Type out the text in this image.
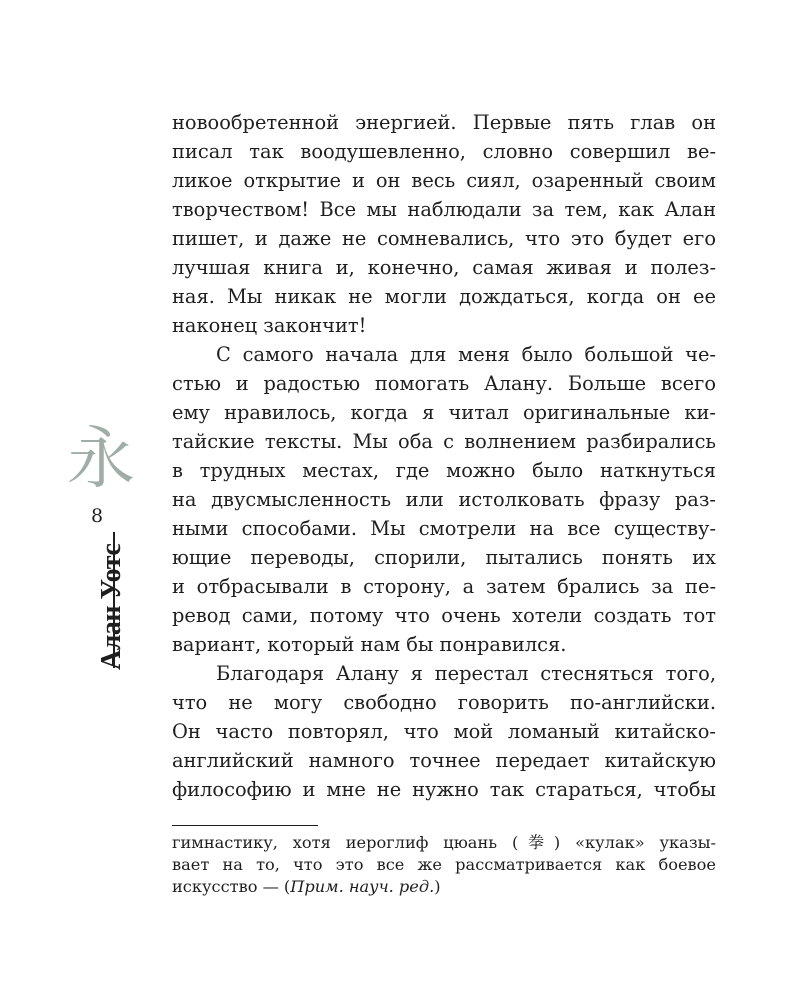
永
8
Алан Уотс
новообретенной энергией. Первые пять глав он
писал так воодушевленно, словно совершил ве-
ликое открытие и он весь сиял, озаренный своим
творчеством! Все мы наблюдали за тем, как Алан
пишет, и даже не сомневались, что это будет его
лучшая книга и, конечно, самая живая и полез-
ная. Мы никак не могли дождаться, когда он ее
наконец закончит!
С самого начала для меня было большой че-
стью и радостью помогать Алану. Больше всего
ему нравилось, когда я читал оригинальные ки-
тайские тексты. Мы оба с волнением разбирались
в трудных местах, где можно было наткнуться
на двусмысленность или истолковать фразу раз-
ными способами. Мы смотрели на все существу-
ющие переводы, спорили, пытались понять их
и отбрасывали в сторону, а затем брались за пе-
ревод сами, потому что очень хотели создать тот
вариант, который нам бы понравился.
Благодаря Алану я перестал стесняться того,
что не могу свободно говорить по-английски.
Он часто повторял, что мой ломаный китайско-
английский намного точнее передает китайскую
философию и мне не нужно так стараться, чтобы
гимнастику, хотя иероглиф цюань (拳) «кулак» указы-
вает на то, что это все же рассматривается как боевое
искусство — (Прим. науч. ред.)
